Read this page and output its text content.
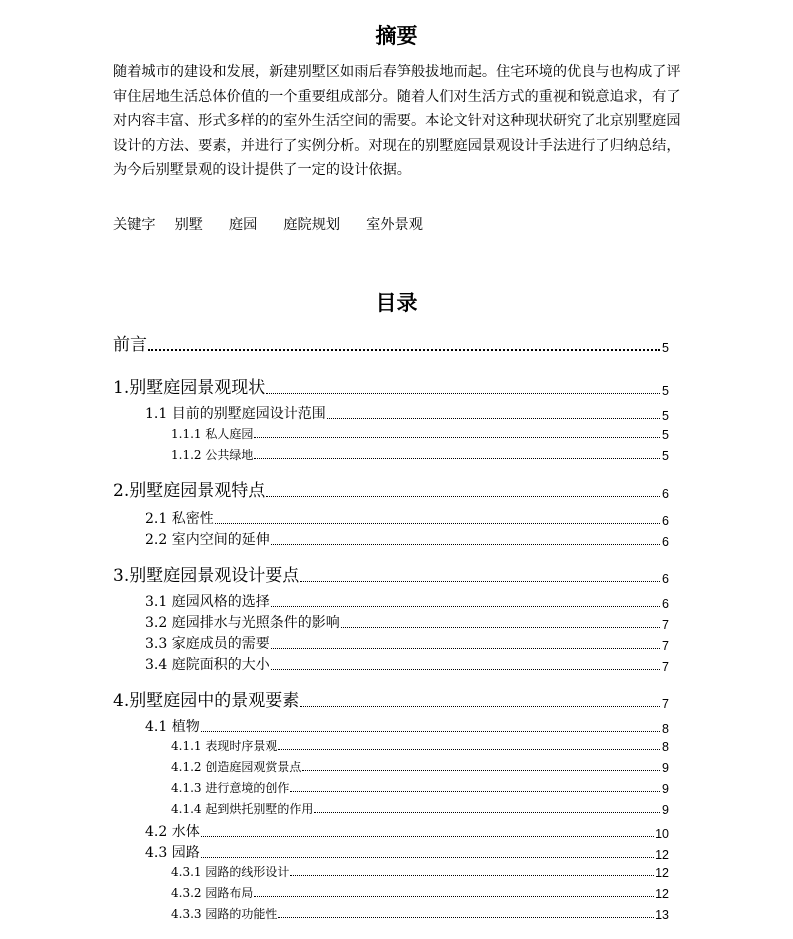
摘要
随着城市的建设和发展，新建别墅区如雨后春笋般拔地而起。住宅环境的优良与也构成了评审住居地生活总体价值的一个重要组成部分。随着人们对生活方式的重视和锐意追求，有了对内容丰富、形式多样的的室外生活空间的需要。本论文针对这种现状研究了北京别墅庭园设计的方法、要素，并进行了实例分析。对现在的别墅庭园景观设计手法进行了归纳总结，为今后别墅景观的设计提供了一定的设计依据。
关键字 别墅 庭园 庭院规划 室外景观
目录
前言	5
1.别墅庭园景观现状	5
1.1 目前的别墅庭园设计范围	5
1.1.1 私人庭园	5
1.1.2 公共绿地	5
2.别墅庭园景观特点	6
2.1 私密性	6
2.2 室内空间的延伸	6
3.别墅庭园景观设计要点	6
3.1 庭园风格的选择	6
3.2 庭园排水与光照条件的影响	7
3.3 家庭成员的需要	7
3.4 庭院面积的大小	7
4.别墅庭园中的景观要素	7
4.1 植物	8
4.1.1 表现时序景观	8
4.1.2 创造庭园观赏景点	9
4.1.3 进行意境的创作	9
4.1.4 起到烘托别墅的作用	9
4.2 水体	10
4.3 园路	12
4.3.1 园路的线形设计	12
4.3.2 园路布局	12
4.3.3 园路的功能性	13
